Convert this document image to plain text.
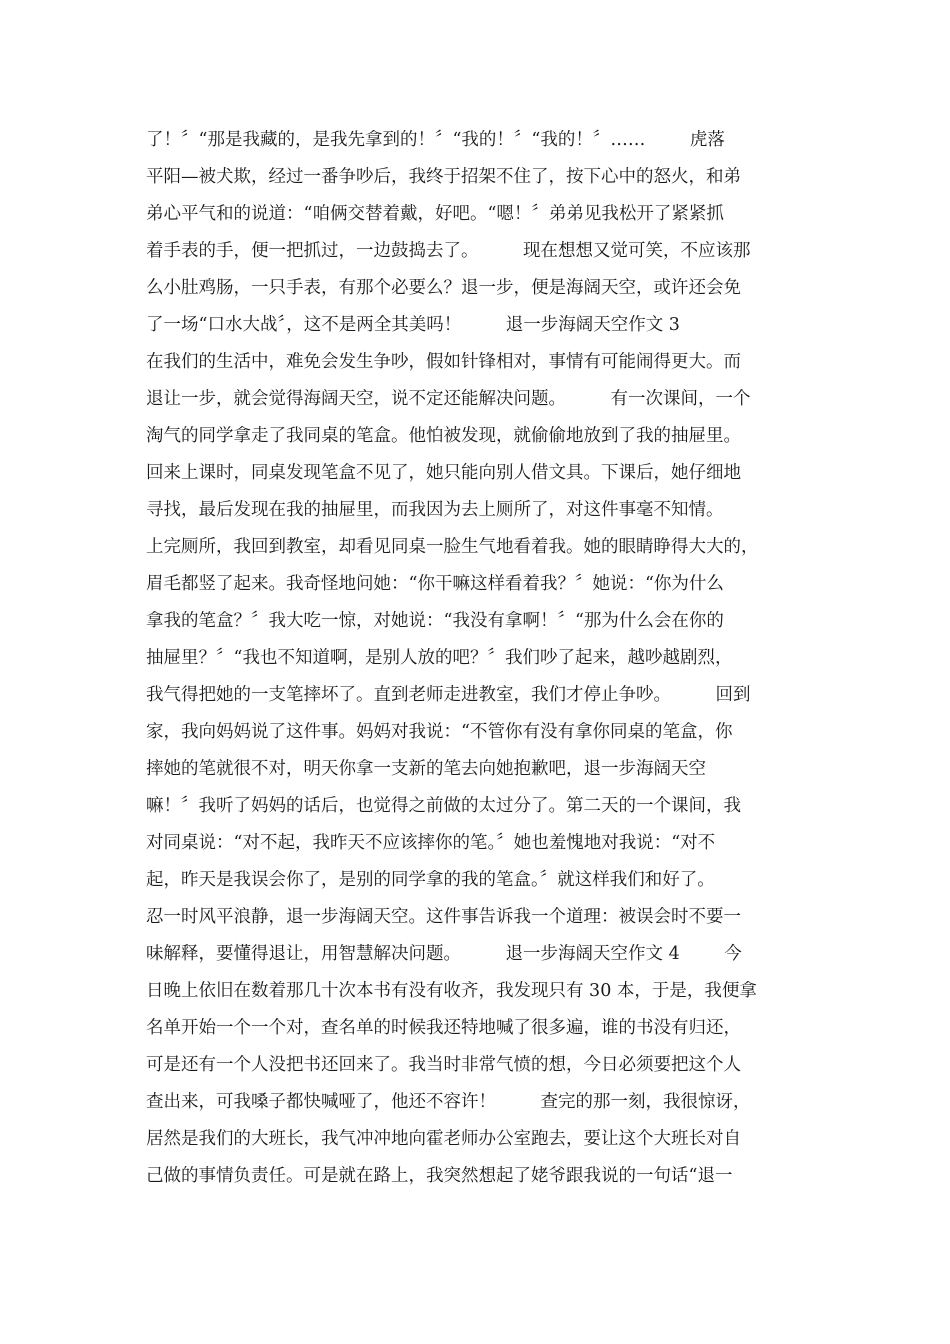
了！〞“那是我藏的，是我先拿到的！〞“我的！〞“我的！〞……        虎落
平阳—被犬欺，经过一番争吵后，我终于招架不住了，按下心中的怒火，和弟
弟心平气和的说道：“咱俩交替着戴，好吧。“嗯！〞弟弟见我松开了紧紧抓
着手表的手，便一把抓过，一边鼓捣去了。        现在想想又觉可笑，不应该那
么小肚鸡肠，一只手表，有那个必要么？退一步，便是海阔天空，或许还会免
了一场“口水大战〞，这不是两全其美吗！        退一步海阔天空作文 3
在我们的生活中，难免会发生争吵，假如针锋相对，事情有可能闹得更大。而
退让一步，就会觉得海阔天空，说不定还能解决问题。        有一次课间，一个
淘气的同学拿走了我同桌的笔盒。他怕被发现，就偷偷地放到了我的抽屉里。
回来上课时，同桌发现笔盒不见了，她只能向别人借文具。下课后，她仔细地
寻找，最后发现在我的抽屉里，而我因为去上厕所了，对这件事毫不知情。
上完厕所，我回到教室，却看见同桌一脸生气地看着我。她的眼睛睁得大大的，
眉毛都竖了起来。我奇怪地问她：“你干嘛这样看着我？〞她说：“你为什么
拿我的笔盒？〞我大吃一惊，对她说：“我没有拿啊！〞“那为什么会在你的
抽屉里？〞“我也不知道啊，是别人放的吧？〞我们吵了起来，越吵越剧烈，
我气得把她的一支笔摔坏了。直到老师走进教室，我们才停止争吵。        回到
家，我向妈妈说了这件事。妈妈对我说：“不管你有没有拿你同桌的笔盒，你
摔她的笔就很不对，明天你拿一支新的笔去向她抱歉吧，退一步海阔天空
嘛！〞我听了妈妈的话后，也觉得之前做的太过分了。第二天的一个课间，我
对同桌说：“对不起，我昨天不应该摔你的笔。〞她也羞愧地对我说：“对不
起，昨天是我误会你了，是别的同学拿的我的笔盒。〞就这样我们和好了。
忍一时风平浪静，退一步海阔天空。这件事告诉我一个道理：被误会时不要一
味解释，要懂得退让，用智慧解决问题。        退一步海阔天空作文 4        今
日晚上依旧在数着那几十次本书有没有收齐，我发现只有 30 本，于是，我便拿
名单开始一个一个对，查名单的时候我还特地喊了很多遍，谁的书没有归还，
可是还有一个人没把书还回来了。我当时非常气愤的想，今日必须要把这个人
查出来，可我嗓子都快喊哑了，他还不容许！        查完的那一刻，我很惊讶，
居然是我们的大班长，我气冲冲地向霍老师办公室跑去，要让这个大班长对自
己做的事情负责任。可是就在路上，我突然想起了姥爷跟我说的一句话“退一
